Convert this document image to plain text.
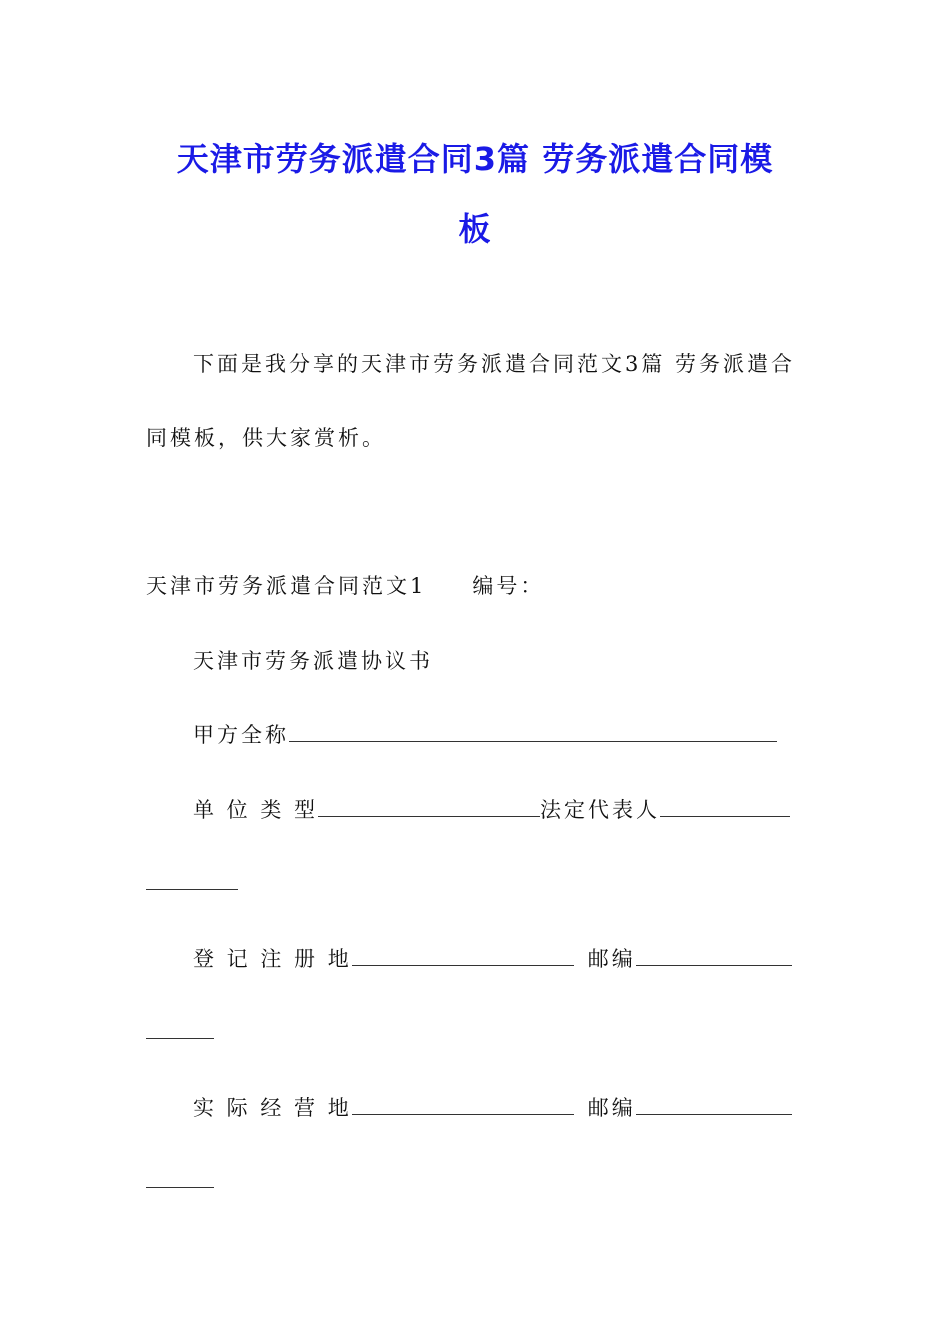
天津市劳务派遣合同3篇 劳务派遣合同模
板
下面是我分享的天津市劳务派遣合同范文3篇 劳务派遣合
同模板，供大家赏析。
天津市劳务派遣合同范文1 编号：
天津市劳务派遣协议书
甲方全称
单 位 类 型	法定代表人
登 记 注 册 地	邮编
实 际 经 营 地	邮编
